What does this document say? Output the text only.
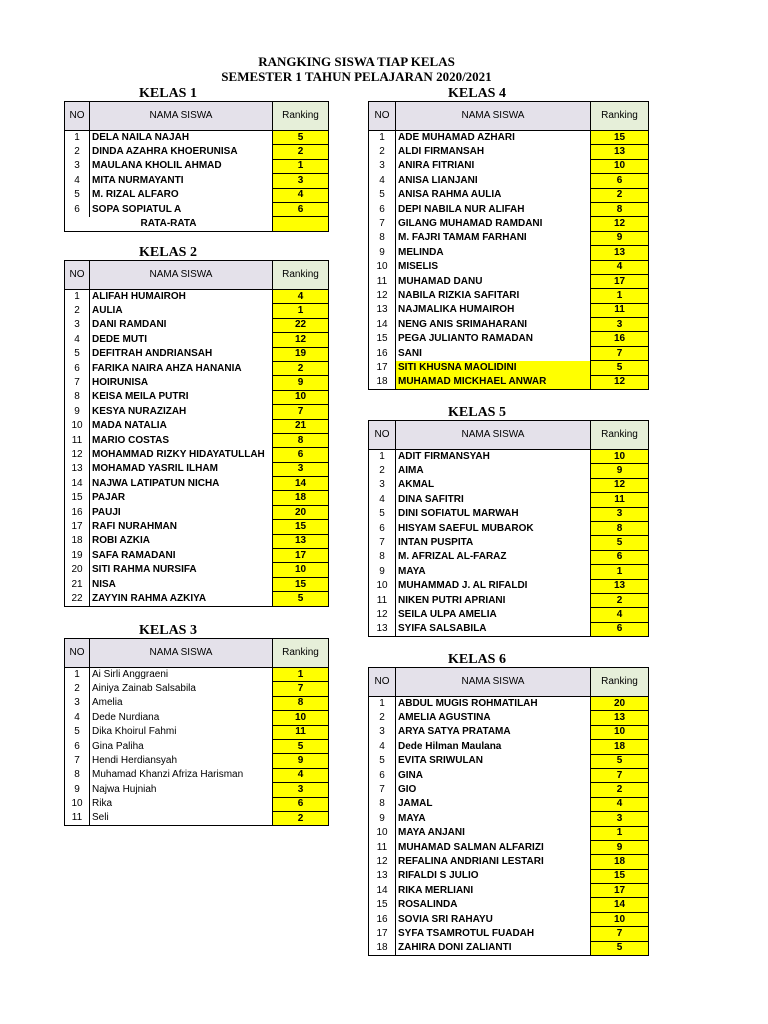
RANGKING SISWA TIAP KELAS
SEMESTER 1 TAHUN PELAJARAN 2020/2021
KELAS 1
NO	NAMA SISWA	Ranking
1	DELA NAILA NAJAH	5
2	DINDA AZAHRA KHOERUNISA	2
3	MAULANA KHOLIL AHMAD	1
4	MITA NURMAYANTI	3
5	M. RIZAL ALFARO	4
6	SOPA SOPIATUL A	6
RATA-RATA		
KELAS 2
NO	NAMA SISWA	Ranking
1	ALIFAH HUMAIROH	4
2	AULIA	1
3	DANI RAMDANI	22
4	DEDE MUTI	12
5	DEFITRAH ANDRIANSAH	19
6	FARIKA NAIRA AHZA HANANIA	2
7	HOIRUNISA	9
8	KEISA MEILA PUTRI	10
9	KESYA NURAZIZAH	7
10	MADA NATALIA	21
11	MARIO COSTAS	8
12	MOHAMMAD RIZKY HIDAYATULLAH	6
13	MOHAMAD YASRIL ILHAM	3
14	NAJWA LATIPATUN NICHA	14
15	PAJAR	18
16	PAUJI	20
17	RAFI NURAHMAN	15
18	ROBI AZKIA	13
19	SAFA RAMADANI	17
20	SITI RAHMA NURSIFA	10
21	NISA	15
22	ZAYYIN RAHMA AZKIYA	5
KELAS 3
NO	NAMA SISWA	Ranking
1	Ai Sirli Anggraeni	1
2	Ainiya Zainab Salsabila	7
3	Amelia	8
4	Dede Nurdiana	10
5	Dika Khoirul Fahmi	11
6	Gina Paliha	5
7	Hendi Herdiansyah	9
8	Muhamad Khanzi Afriza Harisman	4
9	Najwa Hujniah	3
10	Rika	6
11	Seli	2
KELAS 4
NO	NAMA SISWA	Ranking
1	ADE MUHAMAD AZHARI	15
2	ALDI FIRMANSAH	13
3	ANIRA FITRIANI	10
4	ANISA LIANJANI	6
5	ANISA RAHMA AULIA	2
6	DEPI NABILA NUR ALIFAH	8
7	GILANG MUHAMAD RAMDANI	12
8	M. FAJRI TAMAM FARHANI	9
9	MELINDA	13
10	MISELIS	4
11	MUHAMAD DANU	17
12	NABILA RIZKIA SAFITARI	1
13	NAJMALIKA HUMAIROH	11
14	NENG ANIS SRIMAHARANI	3
15	PEGA JULIANTO RAMADAN	16
16	SANI	7
17	SITI KHUSNA MAOLIDINI	5
18	MUHAMAD MICKHAEL ANWAR	12
KELAS 5
NO	NAMA SISWA	Ranking
1	ADIT FIRMANSYAH	10
2	AIMA	9
3	AKMAL	12
4	DINA SAFITRI	11
5	DINI SOFIATUL MARWAH	3
6	HISYAM SAEFUL MUBAROK	8
7	INTAN PUSPITA	5
8	M. AFRIZAL AL-FARAZ	6
9	MAYA	1
10	MUHAMMAD J. AL RIFALDI	13
11	NIKEN PUTRI APRIANI	2
12	SEILA ULPA AMELIA	4
13	SYIFA SALSABILA	6
KELAS 6
NO	NAMA SISWA	Ranking
1	ABDUL MUGIS ROHMATILAH	20
2	AMELIA AGUSTINA	13
3	ARYA SATYA PRATAMA	10
4	Dede Hilman Maulana	18
5	EVITA SRIWULAN	5
6	GINA	7
7	GIO	2
8	JAMAL	4
9	MAYA	3
10	MAYA ANJANI	1
11	MUHAMAD SALMAN ALFARIZI	9
12	REFALINA ANDRIANI LESTARI	18
13	RIFALDI S JULIO	15
14	RIKA MERLIANI	17
15	ROSALINDA	14
16	SOVIA SRI RAHAYU	10
17	SYFA TSAMROTUL FUADAH	7
18	ZAHIRA DONI ZALIANTI	5
